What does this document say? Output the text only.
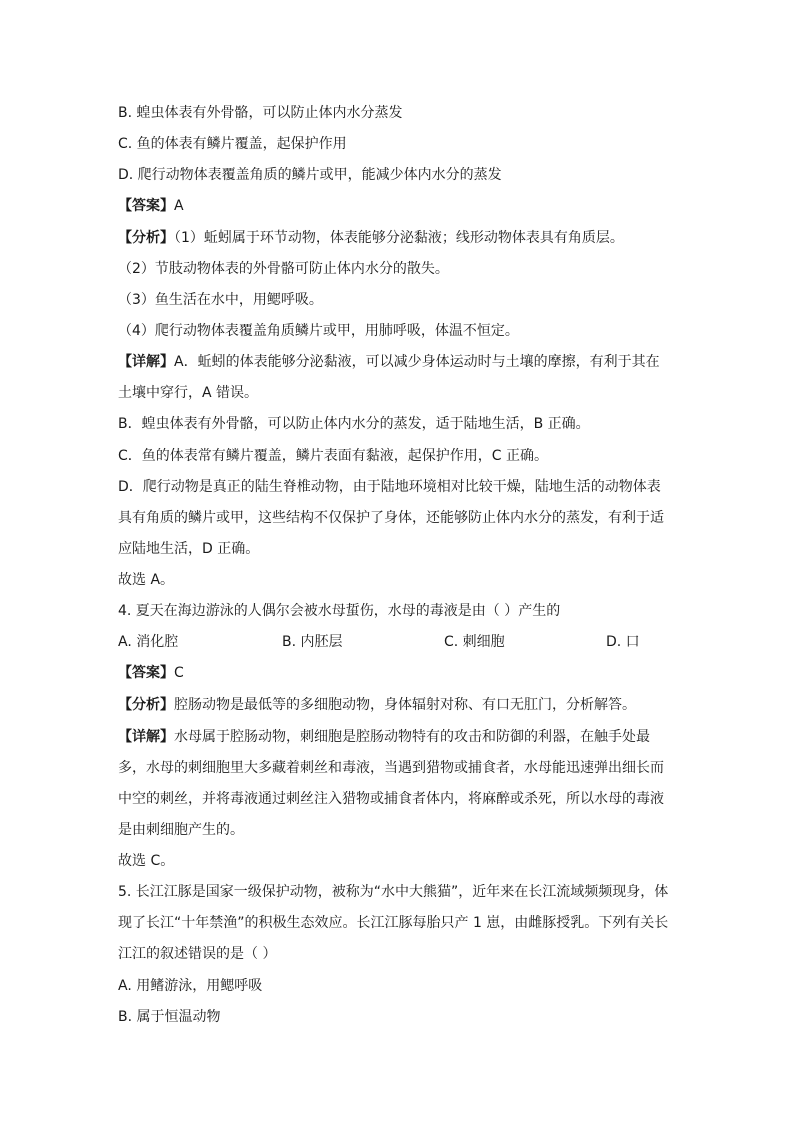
B. 蝗虫体表有外骨骼，可以防止体内水分蒸发
C. 鱼的体表有鳞片覆盖，起保护作用
D. 爬行动物体表覆盖角质的鳞片或甲，能减少体内水分的蒸发
【答案】A
【分析】（1）蚯蚓属于环节动物，体表能够分泌黏液；线形动物体表具有角质层。
（2）节肢动物体表的外骨骼可防止体内水分的散失。
（3）鱼生活在水中，用鳃呼吸。
（4）爬行动物体表覆盖角质鳞片或甲，用肺呼吸，体温不恒定。
【详解】A．蚯蚓的体表能够分泌黏液，可以减少身体运动时与土壤的摩擦，有利于其在
土壤中穿行，A 错误。
B．蝗虫体表有外骨骼，可以防止体内水分的蒸发，适于陆地生活，B 正确。
C．鱼的体表常有鳞片覆盖，鳞片表面有黏液，起保护作用，C 正确。
D．爬行动物是真正的陆生脊椎动物，由于陆地环境相对比较干燥，陆地生活的动物体表
具有角质的鳞片或甲，这些结构不仅保护了身体，还能够防止体内水分的蒸发，有利于适
应陆地生活，D 正确。
故选 A。
4. 夏天在海边游泳的人偶尔会被水母蜇伤，水母的毒液是由（ ）产生的
A. 消化腔	B. 内胚层	C. 刺细胞	D. 口
【答案】C
【分析】腔肠动物是最低等的多细胞动物，身体辐射对称、有口无肛门，分析解答。
【详解】水母属于腔肠动物，刺细胞是腔肠动物特有的攻击和防御的利器，在触手处最
多，水母的刺细胞里大多藏着刺丝和毒液，当遇到猎物或捕食者，水母能迅速弹出细长而
中空的刺丝，并将毒液通过刺丝注入猎物或捕食者体内，将麻醉或杀死，所以水母的毒液
是由刺细胞产生的。
故选 C。
5. 长江江豚是国家一级保护动物，被称为“水中大熊猫”，近年来在长江流域频频现身，体
现了长江“十年禁渔”的积极生态效应。长江江豚每胎只产 1 崽，由雌豚授乳。下列有关长
江江的叙述错误的是（ ）
A. 用鳍游泳，用鳃呼吸
B. 属于恒温动物
